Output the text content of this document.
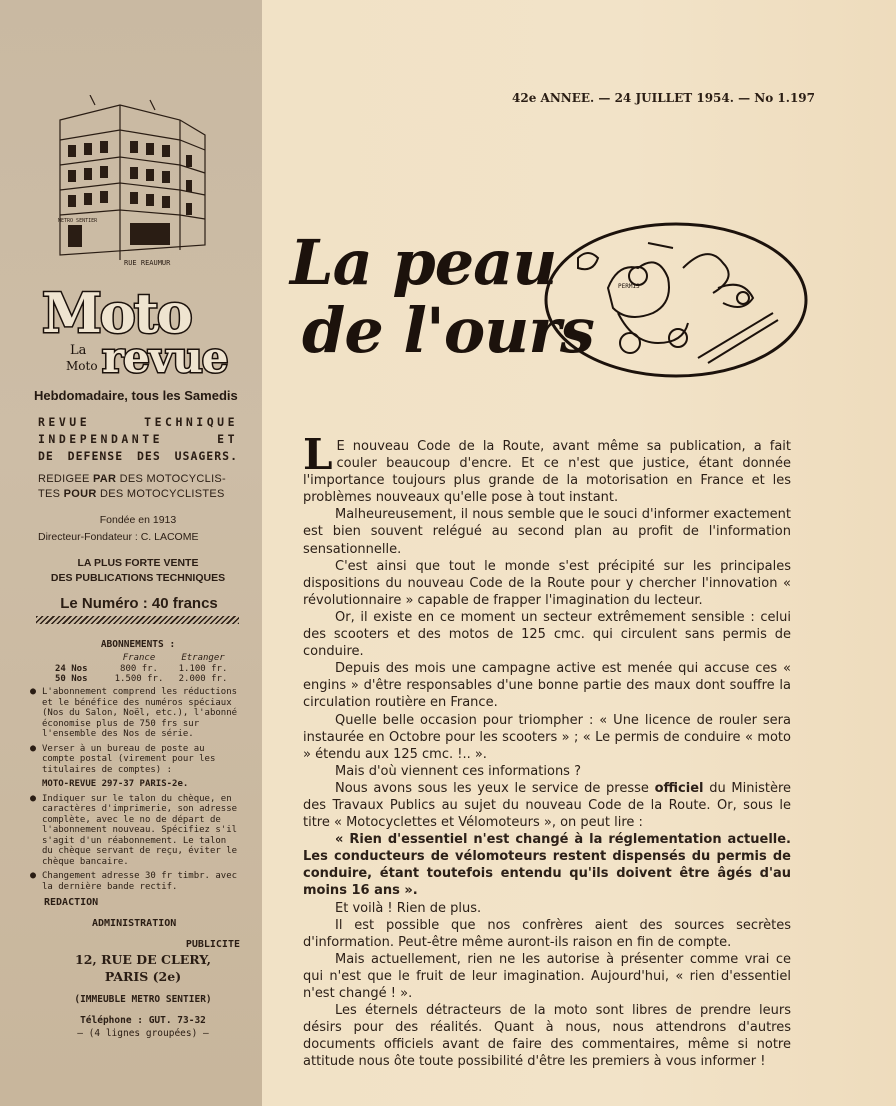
RUE REAUMUR
METRO SENTIER
Moto
revue
La
Moto
Hebdomadaire, tous les Samedis
REVUE TECHNIQUE
INDEPENDANTE ET
DE DEFENSE DES USAGERS.
REDIGEE PAR DES MOTOCYCLIS-
TES POUR DES MOTOCYCLISTES
Fondée en 1913
Directeur-Fondateur : C. LACOME
LA PLUS FORTE VENTE
DES PUBLICATIONS TECHNIQUES
Le Numéro : 40 francs
ABONNEMENTS :
France	Etranger
24 Nos	800 fr.	1.100 fr.
50 Nos	1.500 fr.	2.000 fr.

● L'abonnement comprend les réductions et le bénéfice des numéros spéciaux (Nos du Salon, Noël, etc.), l'abonné économise plus de 750 frs sur l'ensemble des Nos de série.

● Verser à un bureau de poste au compte postal (virement pour les titulaires de comptes) :

MOTO-REVUE 297-37 PARIS-2e.

● Indiquer sur le talon du chèque, en caractères d'imprimerie, son adresse complète, avec le no de départ de l'abonnement nouveau. Spécifiez s'il s'agit d'un réabonnement. Le talon du chèque servant de reçu, éviter le chèque bancaire.

● Changement adresse 30 fr timbr. avec la dernière bande rectif.

REDACTION
ADMINISTRATION
PUBLICITE
12, RUE DE CLERY,
PARIS (2e)
(IMMEUBLE METRO SENTIER)
Téléphone : GUT. 73-32
— (4 lignes groupées) —
42e ANNEE. — 24 JUILLET 1954. — No 1.197
PERMIS
La peau
de l'ours

L E nouveau Code de la Route, avant même sa publication, a fait couler beaucoup d'encre. Et ce n'est que justice, étant donnée l'importance toujours plus grande de la motorisation en France et les problèmes nouveaux qu'elle pose à tout instant.

Malheureusement, il nous semble que le souci d'informer exactement est bien souvent relégué au second plan au profit de l'information sensationnelle.

C'est ainsi que tout le monde s'est précipité sur les principales dispositions du nouveau Code de la Route pour y chercher l'innovation « révolutionnaire » capable de frapper l'imagination du lecteur.

Or, il existe en ce moment un secteur extrêmement sensible : celui des scooters et des motos de 125 cmc. qui circulent sans permis de conduire.

Depuis des mois une campagne active est menée qui accuse ces « engins » d'être responsables d'une bonne partie des maux dont souffre la circulation routière en France.

Quelle belle occasion pour triompher : « Une licence de rouler sera instaurée en Octobre pour les scooters » ; « Le permis de conduire « moto » étendu aux 125 cmc. !.. ».

Mais d'où viennent ces informations ?

Nous avons sous les yeux le service de presse officiel du Ministère des Travaux Publics au sujet du nouveau Code de la Route. Or, sous le titre « Motocyclettes et Vélomoteurs », on peut lire :

« Rien d'essentiel n'est changé à la réglementation actuelle. Les conducteurs de vélomoteurs restent dispensés du permis de conduire, étant toutefois entendu qu'ils doivent être âgés d'au moins 16 ans ».

Et voilà ! Rien de plus.

Il est possible que nos confrères aient des sources secrètes d'information. Peut-être même auront-ils raison en fin de compte.

Mais actuellement, rien ne les autorise à présenter comme vrai ce qui n'est que le fruit de leur imagination. Aujourd'hui, « rien d'essentiel n'est changé ! ».

Les éternels détracteurs de la moto sont libres de prendre leurs désirs pour des réalités. Quant à nous, nous attendrons d'autres documents officiels avant de faire des commentaires, même si notre attitude nous ôte toute possibilité d'être les premiers à vous informer !
